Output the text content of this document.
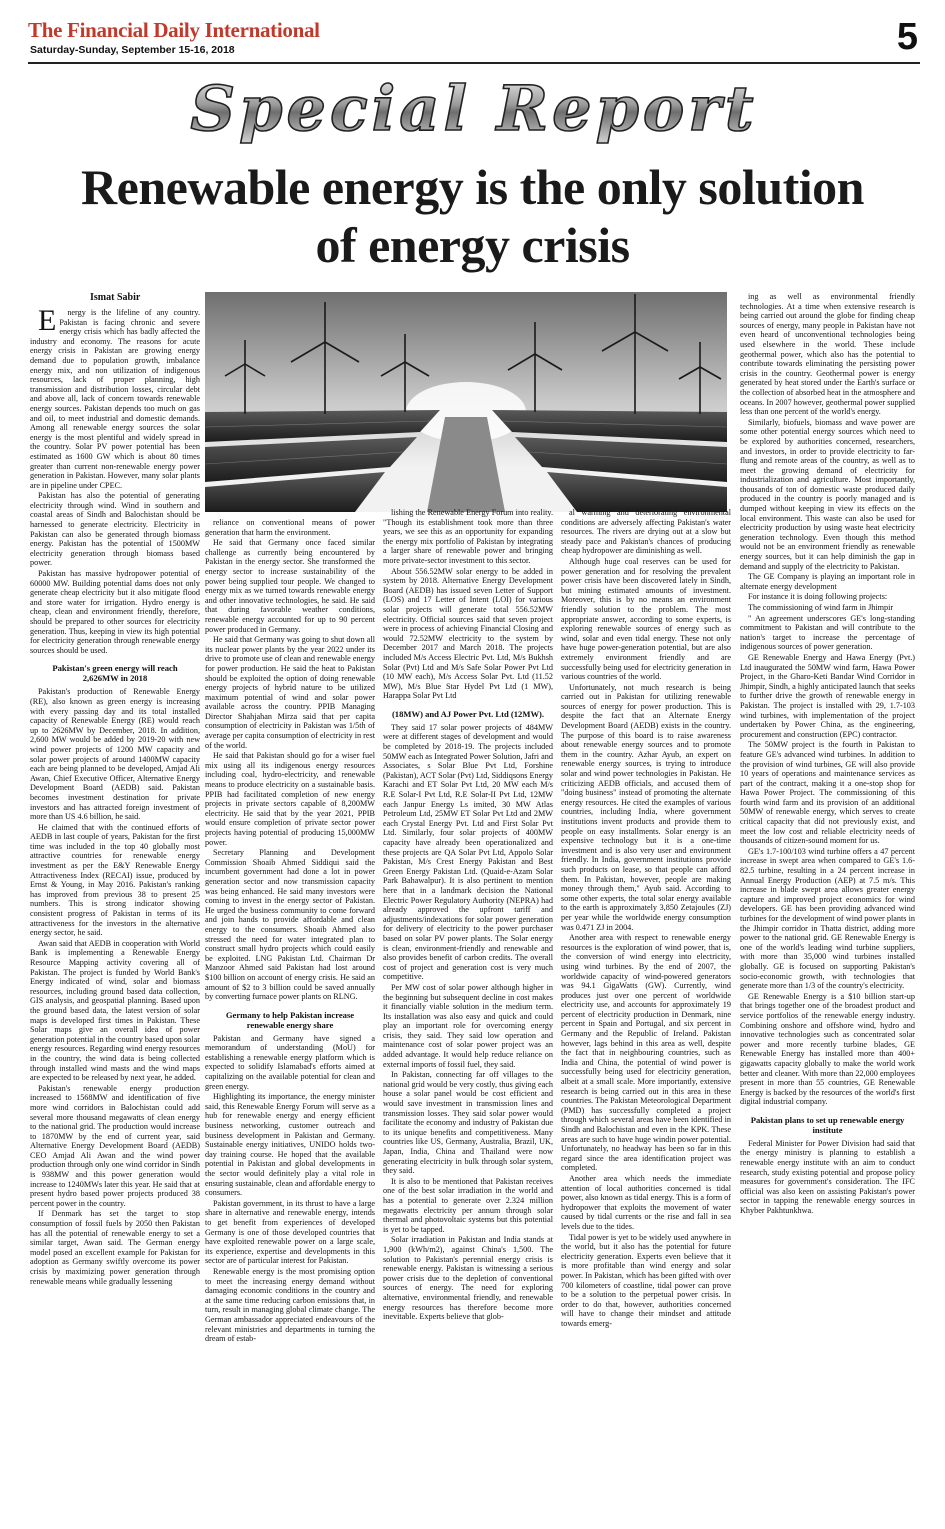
The Financial Daily International
Saturday-Sunday, September 15-16, 2018	5
Special Report
Renewable energy is the only solution of energy crisis
Ismat Sabir

Energy is the lifeline of any country. Pakistan is facing chronic and severe energy crisis which has badly affected the industry and economy. The reasons for acute energy crisis in Pakistan are growing energy demand due to population growth, imbalance energy mix, and non utilization of indigenous resources, lack of proper planning, high transmission and distribution losses, circular debt and above all, lack of concern towards renewable energy sources. Pakistan depends too much on gas and oil, to meet industrial and domestic demands. Among all renewable energy sources the solar energy is the most plentiful and widely spread in the country. Solar PV power potential has been estimated as 1600 GW which is about 80 times greater than current non-renewable energy power generation in Pakistan. However, many solar plants are in pipeline under CPEC.

Pakistan has also the potential of generating electricity through wind. Wind in southern and coastal areas of Sindh and Balochistan should be harnessed to generate electricity. Electricity in Pakistan can also be generated through biomass energy. Pakistan has the potential of 1500MW electricity generation through biomass based power.

Pakistan has massive hydropower potential of 60000 MW. Building potential dams does not only generate cheap electricity but it also mitigate flood and store water for irrigation. Hydro energy is cheap, clean and environment friendly, therefore, should be prepared to other sources for electricity generation. Thus, keeping in view its high potential for electricity generation through renewable energy sources should be used.

Pakistan's green energy will reach 2,626MW in 2018

Pakistan's production of Renewable Energy (RE), also known as green energy is increasing with every passing day and its total installed capacity of Renewable Energy (RE) would reach up to 2626MW by December, 2018. In addition, 2,600 MW would be added by 2019-20 with new wind power projects of 1200 MW capacity and solar power projects of around 1400MW capacity each are being planned to be developed, Amjad Ali Awan, Chief Executive Officer, Alternative Energy Development Board (AEDB) said. Pakistan becomes investment destination for private investors and has attracted foreign investment of more than US 4.6 billion, he said.

He claimed that with the continued efforts of AEDB in last couple of years, Pakistan for the first time was included in the top 40 globally most attractive countries for renewable energy investment as per the E&Y Renewable Energy Attractiveness Index (RECAI) issue, produced by Ernst & Young, in May 2016. Pakistan's ranking has improved from previous 38 to present 25 numbers. This is strong indicator showing consistent progress of Pakistan in terms of its attractiveness for the investors in the alternative energy sector, he said.

Awan said that AEDB in cooperation with World Bank is implementing a Renewable Energy Resource Mapping activity covering all of Pakistan. The project is funded by World Bank's Energy indicated of wind, solar and biomass resources, including ground based data collection, GIS analysis, and geospatial planning. Based upon the ground based data, the latest version of solar maps is developed first times in Pakistan. These Solar maps give an overall idea of power generation potential in the country based upon solar energy resources. Regarding wind energy resources in the country, the wind data is being collected through installed wind masts and the wind maps are expected to be released by next year, he added.

Pakistan's renewable energy production increased to 1568MW and identification of five more wind corridors in Balochistan could add several more thousand megawatts of clean energy to the national grid. The production would increase to 1870MW by the end of current year, said Alternative Energy Development Board (AEDB) CEO Amjad Ali Awan and the wind power production through only one wind corridor in Sindh is 938MW and this power generation would increase to 1240MWs later this year. He said that at present hydro based power projects produced 38 percent power in the country.

If Denmark has set the target to stop consumption of fossil fuels by 2050 then Pakistan has all the potential of renewable energy to set a similar target, Awan said. The German energy model posed an excellent example for Pakistan for adoption as Germany swiftly overcome its power crisis by maximizing power generation through renewable means while gradually lessening

reliance on conventional means of power generation that harm the environment.

He said that Germany once faced similar challenge as currently being encountered by Pakistan in the energy sector. She transformed the energy sector to increase sustainability of the power being supplied tour people. We changed to energy mix as we turned towards renewable energy and other innovative technologies, he said. He said that during favorable weather conditions, renewable energy accounted for up to 90 percent power produced in Germany.

He said that Germany was going to shut down all its nuclear power plants by the year 2022 under its drive to promote use of clean and renewable energy for power production. He said the heat to Pakistan should be exploited the option of doing renewable energy projects of hybrid nature to be utilized maximum potential of wind and solar power available across the country. PPIB Managing Director Shahjahan Mirza said that per capita consumption of electricity in Pakistan was 1/5th of average per capita consumption of electricity in rest of the world.

He said that Pakistan should go for a wiser fuel mix using all its indigenous energy resources including coal, hydro-electricity, and renewable means to produce electricity on a sustainable basis. PPIB had facilitated completion of new energy projects in private sectors capable of 8,200MW electricity. He said that by the year 2021, PPIB would ensure completion of private sector power projects having potential of producing 15,000MW power.

Secretary Planning and Development Commission Shoaib Ahmed Siddiqui said the incumbent government had done a lot in power generation sector and now transmission capacity was being enhanced. He said many investors were coming to invest in the energy sector of Pakistan. He urged the business community to come forward and join hands to provide affordable and clean energy to the consumers. Shoaib Ahmed also stressed the need for water integrated plan to construct small hydro projects which could easily be exploited. LNG Pakistan Ltd. Chairman Dr Manzoor Ahmed said Pakistan had lost around $100 billion on account of energy crisis. He said an amount of $2 to 3 billion could be saved annually by converting furnace power plants on RLNG.

Germany to help Pakistan increase renewable energy share

Pakistan and Germany have signed a memorandum of understanding (MoU) for establishing a renewable energy platform which is expected to solidify Islamabad's efforts aimed at capitalizing on the available potential for clean and green energy.

Highlighting its importance, the energy minister said, this Renewable Energy Forum will serve as a hub for renewable energy and energy efficient business networking, customer outreach and business development in Pakistan and Germany. Sustainable energy initiatives, UNIDO holds two-day training course. He hoped that the available potential in Pakistan and global developments in the sector would definitely play a vital role in ensuring sustainable, clean and affordable energy to consumers.

Pakistan government, in its thrust to have a large share in alternative and renewable energy, intends to get benefit from experiences of developed Germany is one of those developed countries that have exploited renewable power on a large scale, its experience, expertise and developments in this sector are of particular interest for Pakistan.

Renewable energy is the most promising option to meet the increasing energy demand without damaging economic conditions in the country and at the same time reducing carbon emissions that, in turn, result in managing global climate change. The German ambassador appreciated endeavours of the relevant ministries and departments in turning the dream of estab-

lishing the Renewable Energy Forum into reality. "Though its establishment took more than three years, we see this as an opportunity for expanding the energy mix portfolio of Pakistan by integrating a larger share of renewable power and bringing more private-sector investment to this sector.

About 556.52MW solar energy to be added in system by 2018. Alternative Energy Development Board (AEDB) has issued seven Letter of Support (LOS) and 17 Letter of Intent (LOI) for various solar projects will generate total 556.52MW electricity. Official sources said that seven project were in process of achieving Financial Closing and would 72.52MW electricity to the system by December 2017 and March 2018. The projects included M/s Access Electric Pvt. Ltd, M/s Bukhsh Solar (Pvt) Ltd and M/s Safe Solar Power Pvt Ltd (10 MW each), M/s Access Solar Pvt. Ltd (11.52 MW), M/s Blue Star Hydel Pvt Ltd (1 MW), Harappa Solar Pvt Ltd

(18MW) and AJ Power Pvt. Ltd (12MW).

They said 17 solar power projects of 484MW were at different stages of development and would be completed by 2018-19. The projects included 50MW each as Integrated Power Solution, Jafri and Associates, s Solar Blue Pvt Ltd, Forshine (Pakistan), ACT Solar (Pvt) Ltd, Siddiqsons Energy Karachi and ET Solar Pvt Ltd, 20 MW each M/s R.E Solar-I Pvt Ltd, R.E Solar-II Pvt Ltd, 12MW each Janpur Energy Ls imited, 30 MW Atlas Petroleum Ltd, 25MW ET Solar Pvt Ltd and 2MW each Crystal Energy Pvt. Ltd and First Solar Pvt Ltd. Similarly, four solar projects of 400MW capacity have already been operationalized and these projects are QA Solar Pvt Ltd, Appolo Solar Pakistan, M/s Crest Energy Pakistan and Best Green Energy Pakistan Ltd. (Quaid-e-Azam Solar Park Bahawalpur). It is also pertinent to mention here that in a landmark decision the National Electric Power Regulatory Authority (NEPRA) had already approved the upfront tariff and adjustments/indexations for solar power generation for delivery of electricity to the power purchaser based on solar PV power plants. The Solar energy is clean, environment-friendly and renewable and also provides benefit of carbon credits. The overall cost of project and generation cost is very much competitive.

Per MW cost of solar power although higher in the beginning but subsequent decline in cost makes it financially viable solution in the medium term. Its installation was also easy and quick and could play an important role for overcoming energy crisis, they said. They said low operation and maintenance cost of solar power project was an added advantage. It would help reduce reliance on external imports of fossil fuel, they said.

In Pakistan, connecting far off villages to the national grid would be very costly, thus giving each house a solar panel would be cost efficient and would save investment in transmission lines and transmission losses. They said solar power would facilitate the economy and industry of Pakistan due to its unique benefits and competitiveness. Many countries like US, Germany, Australia, Brazil, UK, Japan, India, China and Thailand were now generating electricity in bulk through solar system, they said.

It is also to be mentioned that Pakistan receives one of the best solar irradiation in the world and has a potential to generate over 2.324 million megawatts electricity per annum through solar thermal and photovoltaic systems but this potential is yet to be tapped.

Solar irradiation in Pakistan and India stands at 1,900 (kWh/m2), against China's 1,500. The solution to Pakistan's perennial energy crisis is renewable energy. Pakistan is witnessing a serious power crisis due to the depletion of conventional sources of energy. The need for exploring alternative, environmental friendly, and renewable energy resources has therefore become more inevitable. Experts believe that glob-

al warming and deteriorating environmental conditions are adversely affecting Pakistan's water resources. The rivers are drying out at a slow but steady pace and Pakistan's chances of producing cheap hydropower are diminishing as well.

Although huge coal reserves can be used for power generation and for resolving the prevalent power crisis have been discovered lately in Sindh, but mining estimated amounts of investment. Moreover, this is by no means an environment friendly solution to the problem. The most appropriate answer, according to some experts, is exploring renewable sources of energy such as wind, solar and even tidal energy. These not only have huge power-generation potential, but are also extremely environment friendly and are successfully being used for electricity generation in various countries of the world.

Unfortunately, not much research is being carried out in Pakistan for utilizing renewable sources of energy for power production. This is despite the fact that an Alternate Energy Development Board (AEDB) exists in the country. The purpose of this board is to raise awareness about renewable energy sources and to promote them in the country. Azhar Ayub, an expert on renewable energy sources, is trying to introduce solar and wind power technologies in Pakistan. He criticizing AEDB officials, and accused them of "doing business" instead of promoting the alternate energy resources. He cited the examples of various countries, including India, where government institutions invent products and provide them to people on easy installments. Solar energy is an expensive technology but it is a one-time investment and is also very user and environment friendly. In India, government institutions provide such products on lease, so that people can afford them. In Pakistan, however, people are making money through them," Ayub said. According to some other experts, the total solar energy available to the earth is approximately 3,850 Zetajoules (ZJ) per year while the worldwide energy consumption was 0.471 ZJ in 2004.

Another area with respect to renewable energy resources is the exploration of wind power, that is, the conversion of wind energy into electricity, using wind turbines. By the end of 2007, the worldwide capacity of wind-powered generators was 94.1 GigaWatts (GW). Currently, wind produces just over one percent of worldwide electricity use, and accounts for approximately 19 percent of electricity production in Denmark, nine percent in Spain and Portugal, and six percent in Germany and the Republic of Ireland. Pakistan however, lags behind in this area as well, despite the fact that in neighbouring countries, such as India and China, the potential of wind power is successfully being used for electricity generation, albeit at a small scale. More importantly, extensive research is being carried out in this area in these countries. The Pakistan Meteorological Department (PMD) has successfully completed a project through which several areas have been identified in Sindh and Balochistan and even in the KPK. These areas are such to have huge windin power potential. Unfortunately, no headway has been so far in this regard since the area identification project was completed.

Another area which needs the immediate attention of local authorities concerned is tidal power, also known as tidal energy. This is a form of hydropower that exploits the movement of water caused by tidal currents or the rise and fall in sea levels due to the tides.

Tidal power is yet to be widely used anywhere in the world, but it also has the potential for future electricity generation. Experts even believe that it is more profitable than wind energy and solar power. In Pakistan, which has been gifted with over 700 kilometers of coastline, tidal power can prove to be a solution to the perpetual power crisis. In order to do that, however, authorities concerned will have to change their mindset and attitude towards emerg-

ing as well as environmental friendly technologies. At a time when extensive research is being carried out around the globe for finding cheap sources of energy, many people in Pakistan have not even heard of unconventional technologies being used elsewhere in the world. These include geothermal power, which also has the potential to contribute towards eliminating the persisting power crisis in the country. Geothermal power is energy generated by heat stored under the Earth's surface or the collection of absorbed heat in the atmosphere and oceans. In 2007 however, geothermal power supplied less than one percent of the world's energy.

Similarly, biofuels, biomass and wave power are some other potential energy sources which need to be explored by authorities concerned, researchers, and investors, in order to provide electricity to far-flung and remote areas of the country, as well as to meet the growing demand of electricity for industrialization and agriculture. Most importantly, thousands of ton of domestic waste produced daily produced in the country is poorly managed and is dumped without keeping in view its effects on the local environment. This waste can also be used for electricity production by using waste heat electricity generation technology. Even though this method would not be an environment friendly as renewable energy sources, but it can help diminish the gap in demand and supply of the electricity to Pakistan.

The GE Company is playing an important role in alternate energy development

For instance it is doing following projects:

The commissioning of wind farm in Jhimpir

" An agreement underscores GE's long-standing commitment to Pakistan and will contribute to the nation's target to increase the percentage of indigenous sources of power generation.

GE Renewable Energy and Hawa Energy (Pvt.) Ltd inaugurated the 50MW wind farm, Hawa Power Project, in the Gharo-Keti Bandar Wind Corridor in Jhimpir, Sindh, a highly anticipated launch that seeks to further drive the growth of renewable energy in Pakistan. The project is installed with 29, 1.7-103 wind turbines, with implementation of the project undertaken by Power China, as the engineering, procurement and construction (EPC) contractor.

The 50MW project is the fourth in Pakistan to feature GE's advanced wind turbines. In addition to the provision of wind turbines, GE will also provide 10 years of operations and maintenance services as part of the contract, making it a one-stop shop for Hawa Power Project. The commissioning of this fourth wind farm and its provision of an additional 50MW of renewable energy, which serves to create critical capacity that did not previously exist, and meet the low cost and reliable electricity needs of thousands of citizen-sound moment for us.

GE's 1.7-100/103 wind turbine offers a 47 percent increase in swept area when compared to GE's 1.6-82.5 turbine, resulting in a 24 percent increase in Annual Energy Production (AEP) at 7.5 m/s. This increase in blade swept area allows greater energy capture and improved project economics for wind developers. GE has been providing advanced wind turbines for the development of wind power plants in the Jhimpir corridor in Thatta district, adding more power to the national grid. GE Renewable Energy is one of the world's leading wind turbine suppliers, with more than 35,000 wind turbines installed globally. GE is focused on supporting Pakistan's socio-economic growth, with technologies that generate more than 1/3 of the country's electricity.

GE Renewable Energy is a $10 billion start-up that brings together one of the broadest product and service portfolios of the renewable energy industry. Combining onshore and offshore wind, hydro and innovative technologies such as concentrated solar power and more recently turbine blades, GE Renewable Energy has installed more than 400+ gigawatts capacity globally to make the world work better and cleaner. With more than 22,000 employees present in more than 55 countries, GE Renewable Energy is backed by the resources of the world's first digital industrial company.

Pakistan plans to set up renewable energy institute

Federal Minister for Power Division had said that the energy ministry is planning to establish a renewable energy institute with an aim to conduct research, study existing potential and propose policy measures for government's consideration. The IFC official was also keen on assisting Pakistan's power sector in tapping the renewable energy sources in Khyber Pakhtunkhwa.
